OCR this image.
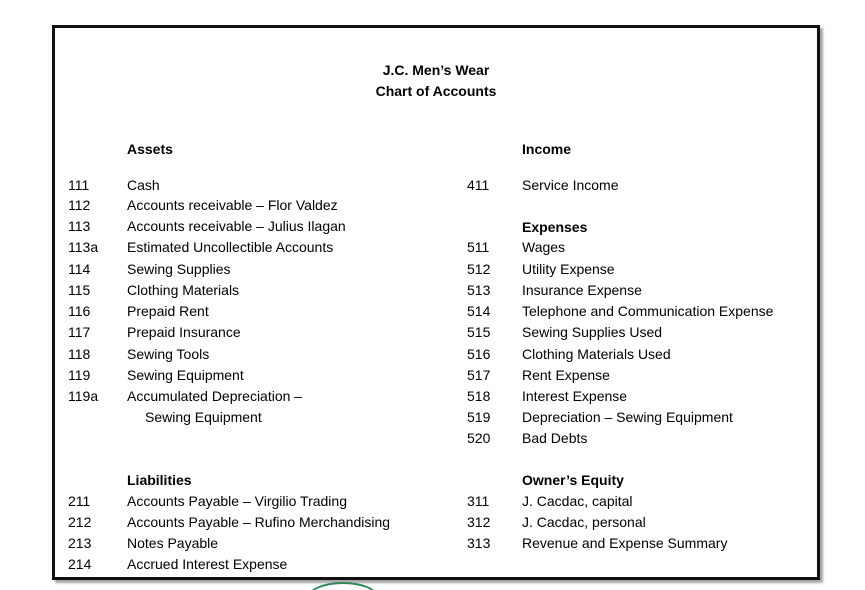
J.C. Men’s Wear
Chart of Accounts
Assets
111	Cash
112	Accounts receivable – Flor Valdez
113	Accounts receivable – Julius Ilagan
113a Estimated Uncollectible Accounts
114	Sewing Supplies
115	Clothing Materials
116	Prepaid Rent
117	Prepaid Insurance
118	Sewing Tools
119	Sewing Equipment
119a Accumulated Depreciation –
Sewing Equipment
Liabilities
211	Accounts Payable – Virgilio Trading
212	Accounts Payable – Rufino Merchandising
213	Notes Payable
214	Accrued Interest Expense
Income
411 Service Income
Expenses
511 Wages
512 Utility Expense
513 Insurance Expense
514 Telephone and Communication Expense
515 Sewing Supplies Used
516 Clothing Materials Used
517 Rent Expense
518 Interest Expense
519 Depreciation – Sewing Equipment
520 Bad Debts
Owner’s Equity
311 J. Cacdac, capital
312 J. Cacdac, personal
313 Revenue and Expense Summary
